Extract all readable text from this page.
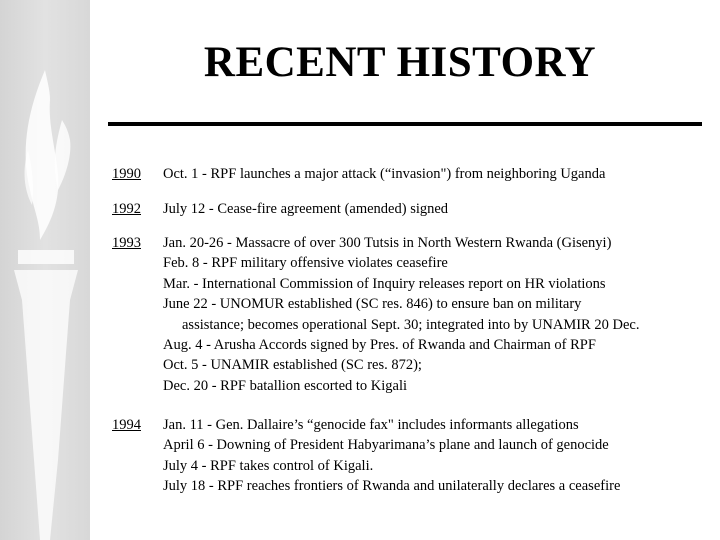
RECENT HISTORY
1990 Oct. 1 - RPF launches a major attack (“invasion") from neighboring Uganda
1992 July 12 - Cease-fire agreement (amended) signed
1993 Jan. 20-26 - Massacre of over 300 Tutsis in North Western Rwanda (Gisenyi)
Feb. 8 - RPF military offensive violates ceasefire
Mar. - International Commission of Inquiry releases report on HR violations
June 22 - UNOMUR established (SC res. 846) to ensure ban on military
assistance; becomes operational Sept. 30; integrated into by UNAMIR 20 Dec.
Aug. 4 - Arusha Accords signed by Pres. of Rwanda and Chairman of RPF
Oct. 5 - UNAMIR established (SC res. 872);
Dec. 20 - RPF batallion escorted to Kigali
1994 Jan. 11 - Gen. Dallaire’s “genocide fax" includes informants allegations
April 6 - Downing of President Habyarimana’s plane and launch of genocide
July 4 - RPF takes control of Kigali.
July 18 - RPF reaches frontiers of Rwanda and unilaterally declares a ceasefire
